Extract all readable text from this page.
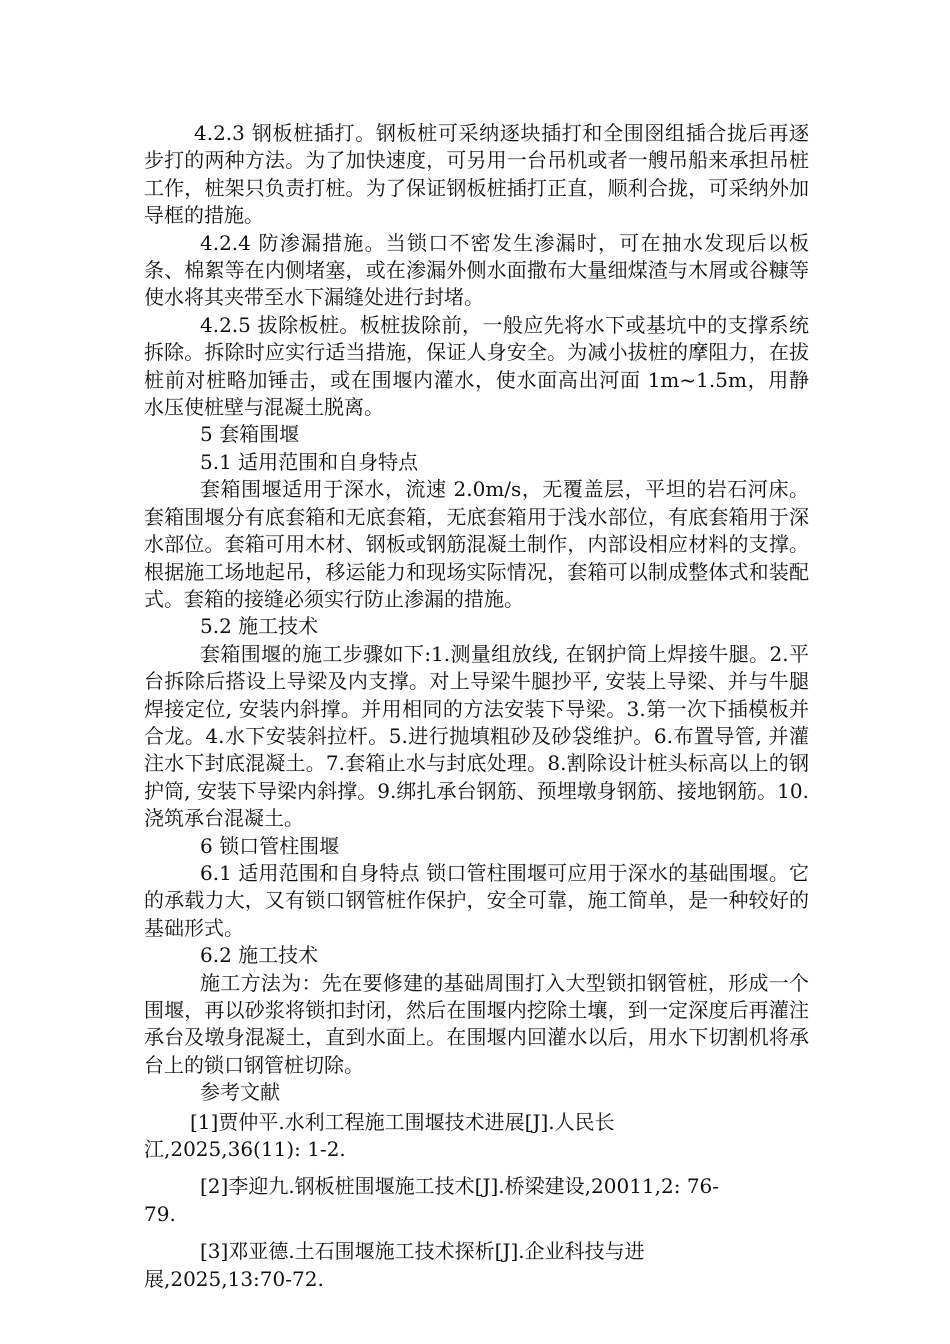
4.2.3 钢板桩插打。钢板桩可采纳逐块插打和全围囹组插合拢后再逐步打的两种方法。为了加快速度，可另用一台吊机或者一艘吊船来承担吊桩工作，桩架只负责打桩。为了保证钢板桩插打正直，顺利合拢，可采纳外加导框的措施。

4.2.4 防渗漏措施。当锁口不密发生渗漏时，可在抽水发现后以板条、棉絮等在内侧堵塞，或在渗漏外侧水面撒布大量细煤渣与木屑或谷糠等使水将其夹带至水下漏缝处进行封堵。

4.2.5 拔除板桩。板桩拔除前，一般应先将水下或基坑中的支撑系统拆除。拆除时应实行适当措施，保证人身安全。为减小拔桩的摩阻力，在拔桩前对桩略加锤击，或在围堰内灌水，使水面高出河面 1m~1.5m，用静水压使桩壁与混凝土脱离。

5 套箱围堰

5.1 适用范围和自身特点

套箱围堰适用于深水，流速 2.0m/s，无覆盖层，平坦的岩石河床。套箱围堰分有底套箱和无底套箱，无底套箱用于浅水部位，有底套箱用于深水部位。套箱可用木材、钢板或钢筋混凝土制作，内部设相应材料的支撑。根据施工场地起吊，移运能力和现场实际情况，套箱可以制成整体式和装配式。套箱的接缝必须实行防止渗漏的措施。

5.2 施工技术

套箱围堰的施工步骤如下:1.测量组放线, 在钢护筒上焊接牛腿。2.平台拆除后搭设上导梁及内支撑。对上导梁牛腿抄平, 安装上导梁、并与牛腿焊接定位, 安装内斜撑。并用相同的方法安装下导梁。3.第一次下插模板并合龙。4.水下安装斜拉杆。5.进行抛填粗砂及砂袋维护。6.布置导管, 并灌注水下封底混凝土。7.套箱止水与封底处理。8.割除设计桩头标高以上的钢护筒, 安装下导梁内斜撑。9.绑扎承台钢筋、预埋墩身钢筋、接地钢筋。10.浇筑承台混凝土。

6 锁口管柱围堰

6.1 适用范围和自身特点 锁口管柱围堰可应用于深水的基础围堰。它的承载力大，又有锁口钢管桩作保护，安全可靠，施工简单，是一种较好的基础形式。

6.2 施工技术

施工方法为：先在要修建的基础周围打入大型锁扣钢管桩，形成一个围堰，再以砂浆将锁扣封闭，然后在围堰内挖除土壤，到一定深度后再灌注承台及墩身混凝土，直到水面上。在围堰内回灌水以后，用水下切割机将承台上的锁口钢管桩切除。

参考文献

[1]贾仲平.水利工程施工围堰技术进展[J].人民长
江,2025,36(11): 1-2.
[2]李迎九.钢板桩围堰施工技术[J].桥梁建设,20011,2: 76-
79.
[3]邓亚德.土石围堰施工技术探析[J].企业科技与进
展,2025,13:70-72.
